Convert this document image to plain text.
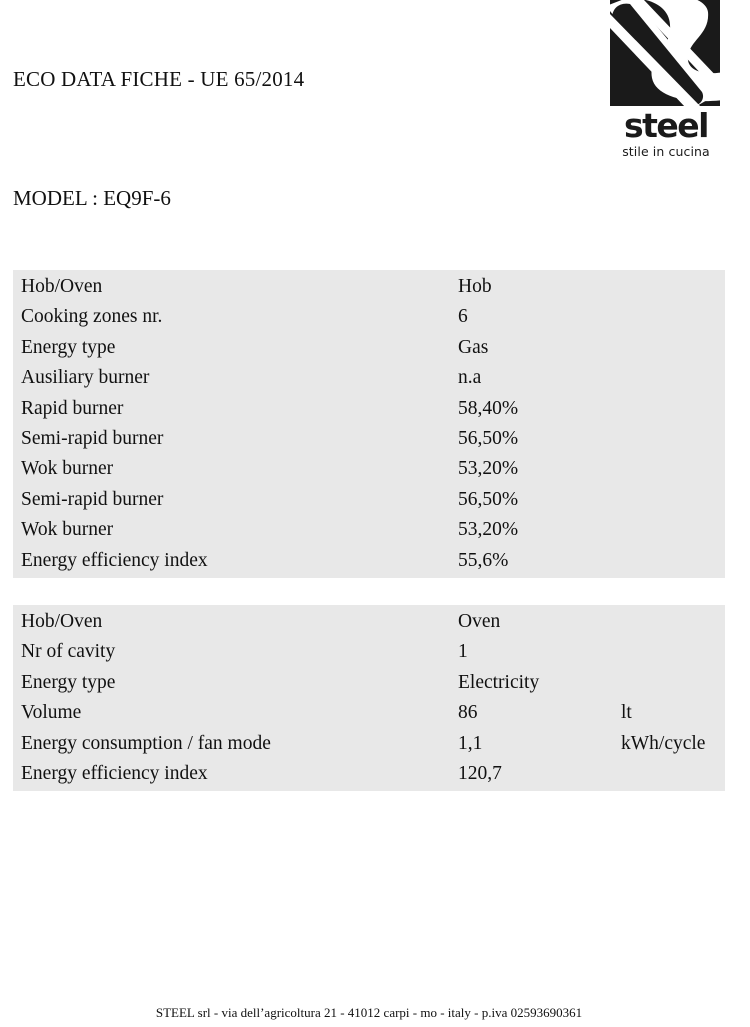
ECO DATA FICHE - UE 65/2014
steel
stile in cucina
MODEL : EQ9F-6
Hob/Oven	Hob
Cooking zones nr.	6
Energy type	Gas
Ausiliary burner	n.a
Rapid burner	58,40%
Semi-rapid burner	56,50%
Wok burner	53,20%
Semi-rapid burner	56,50%
Wok burner	53,20%
Energy efficiency index	55,6%
Hob/Oven	Oven
Nr of cavity	1
Energy type	Electricity
Volume	86	lt
Energy consumption / fan mode	1,1	kWh/cycle
Energy efficiency index	120,7
STEEL srl - via dell’agricoltura 21 - 41012 carpi - mo - italy - p.iva 02593690361
